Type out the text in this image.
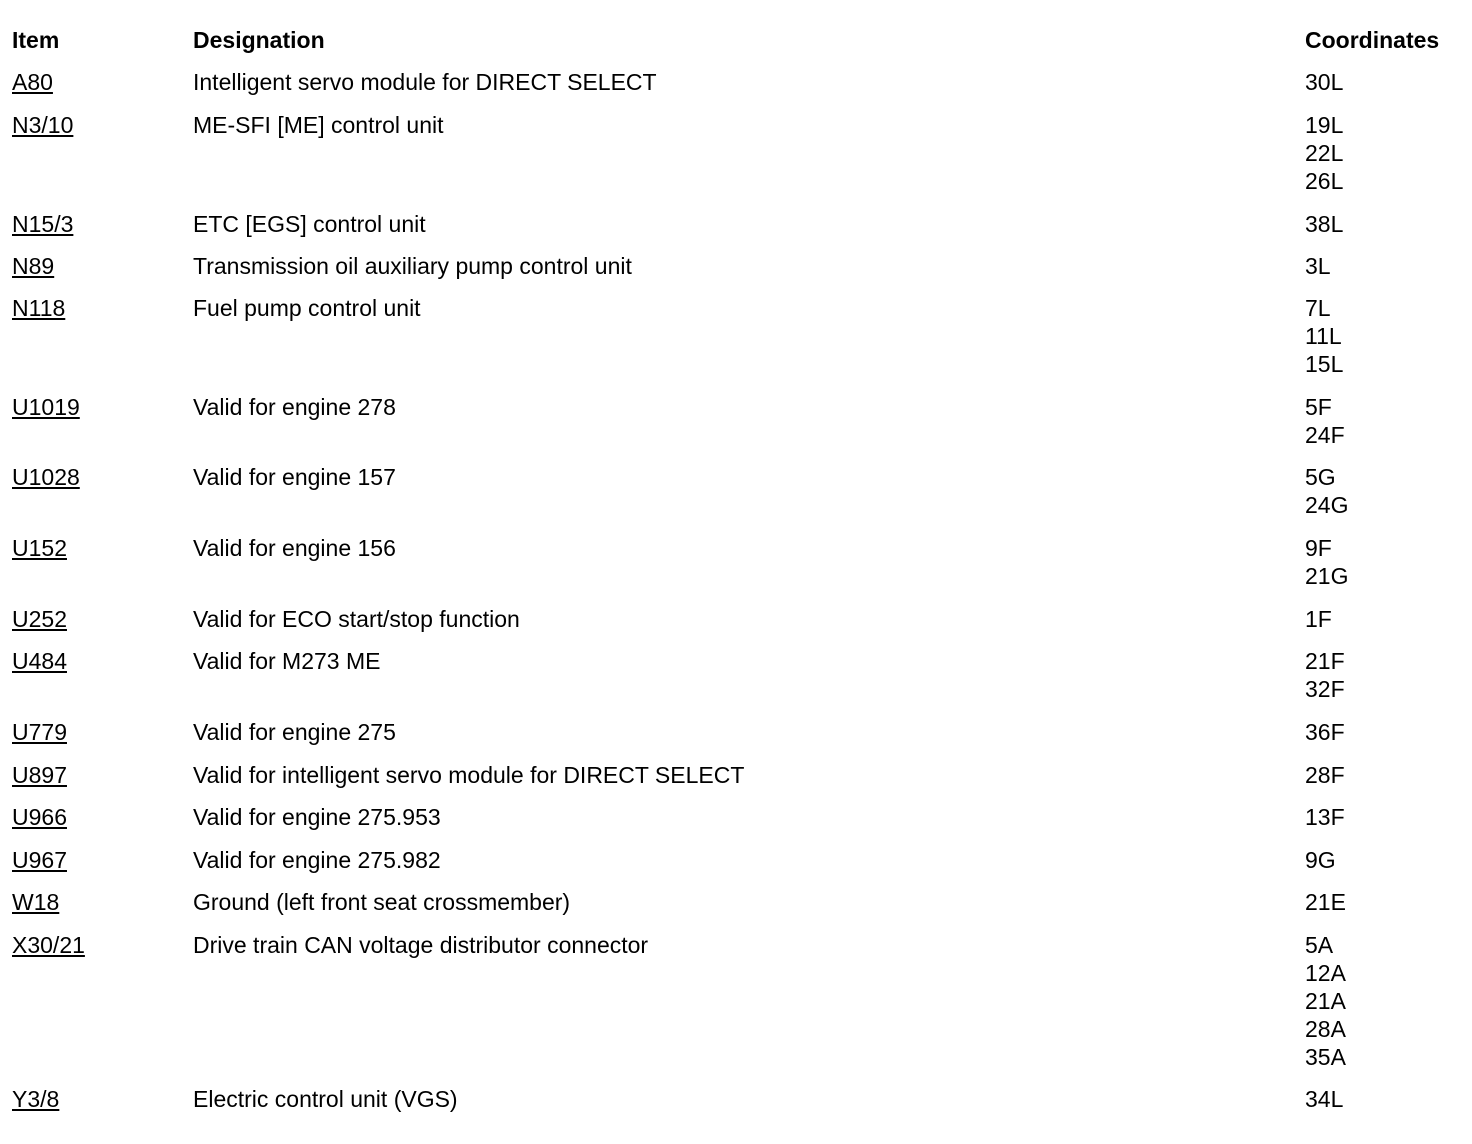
Item	Designation	Coordinates
A80	Intelligent servo module for DIRECT SELECT	30L
N3/10	ME-SFI [ME] control unit	19L
22L
26L
N15/3	ETC [EGS] control unit	38L
N89	Transmission oil auxiliary pump control unit	3L
N118	Fuel pump control unit	7L
11L
15L
U1019	Valid for engine 278	5F
24F
U1028	Valid for engine 157	5G
24G
U152	Valid for engine 156	9F
21G
U252	Valid for ECO start/stop function	1F
U484	Valid for M273 ME	21F
32F
U779	Valid for engine 275	36F
U897	Valid for intelligent servo module for DIRECT SELECT	28F
U966	Valid for engine 275.953	13F
U967	Valid for engine 275.982	9G
W18	Ground (left front seat crossmember)	21E
X30/21	Drive train CAN voltage distributor connector	5A
12A
21A
28A
35A
Y3/8	Electric control unit (VGS)	34L
